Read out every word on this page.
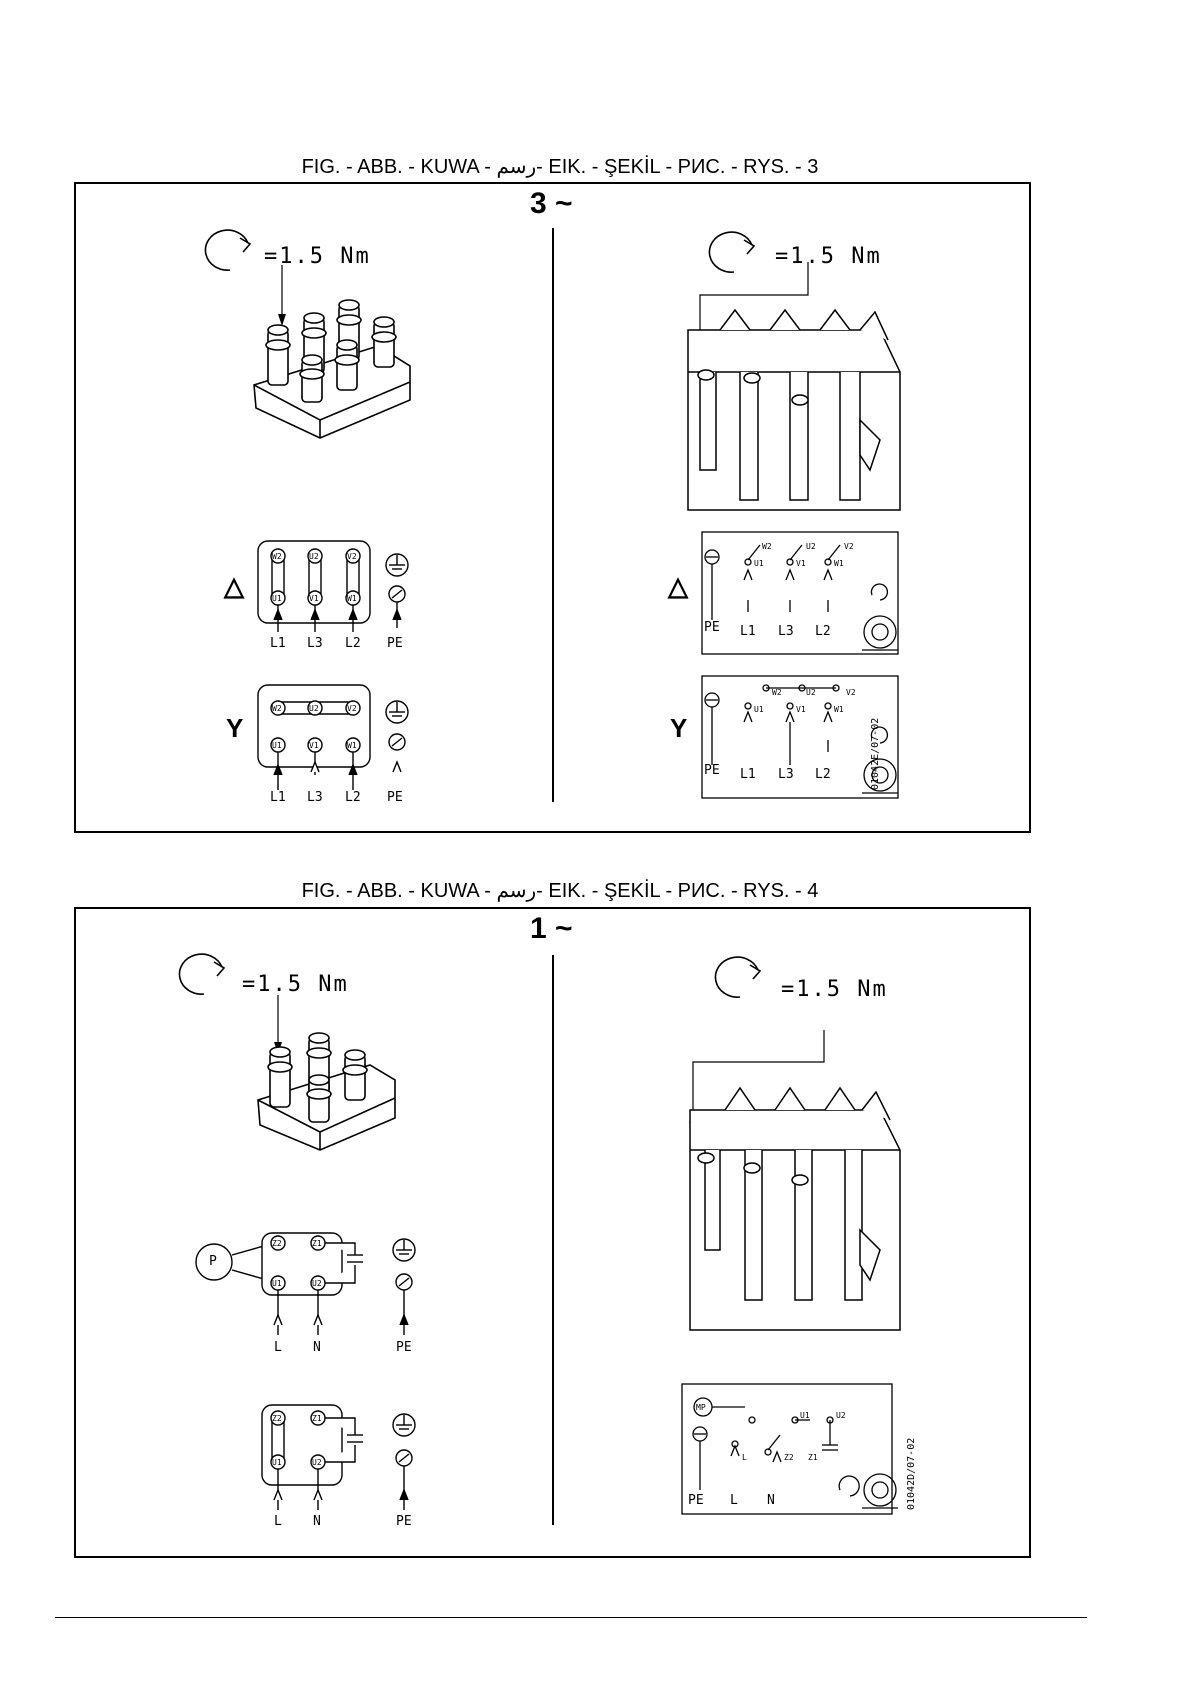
FIG. - ABB. - KUWA - رسم- EIK. - ŞEKİL - РИС. - RYS. - 3
3 ~
W2	U2	V2
U1	V1	W1
W2	U2	V2
U1	V1	W1
W2	U2	V2
U1	V1	W1
W2	U2	V2
U1	V1	W1
=1.5 Nm	=1.5 Nm
△
Y
△
Y
L1 L3 L2 PE
L1 L3 L2 PE
PE L1 L3 L2
PE L1 L3 L2	01042E/07-02
FIG. - ABB. - KUWA - رسم- EIK. - ŞEKİL - РИС. - RYS. - 4
1 ~
Z2	Z1
U1	U2
Z2	Z1
U1	U2
MP
U1	U2
Z2 Z1
L
=1.5 Nm	=1.5 Nm
P
L N	PE
L N	PE
PE L N	01042D/07-02
